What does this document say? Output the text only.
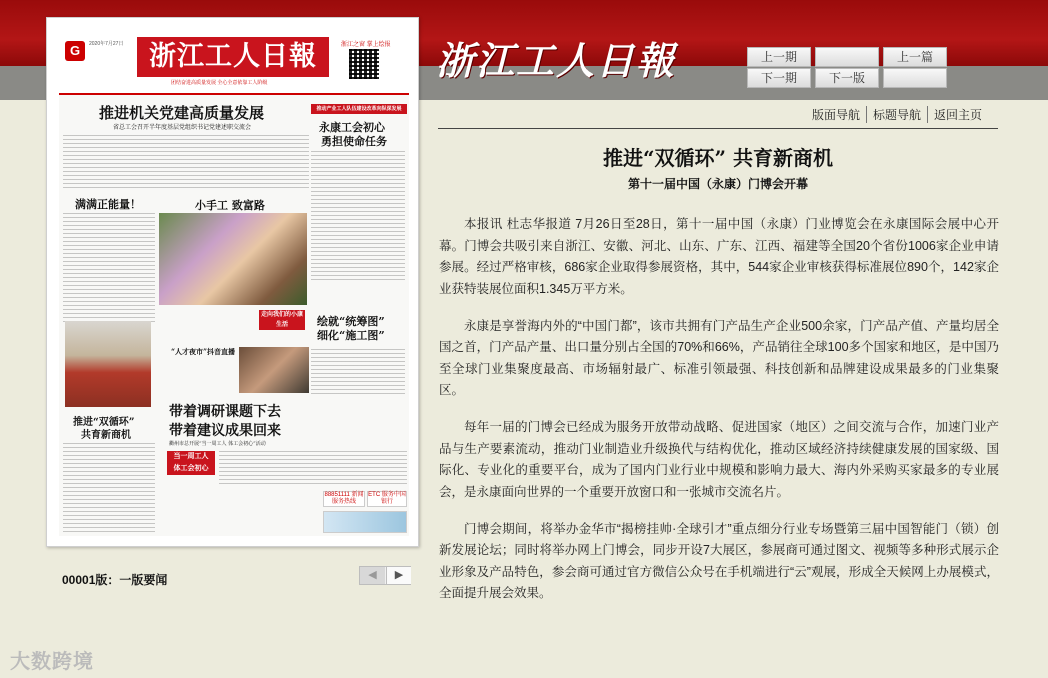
浙江工人日報	上一期	上一篇
下一期	下一版
G	2020年7月27日 浙江工人日報
团结奋进高质量发展 全心全意依靠工人阶级
浙江之窗 掌上绘报
推进机关党建高质量发展
省总工会召开半年度基层党组织书记党建述职交流会
推动产业工人队伍建设改革向纵深发展
永康工会初心
勇担使命任务
满满正能量！	小手工 致富路
走向我们的小康生活	绘就“统筹图”
细化“施工图”
“人才夜市”抖音直播
推进“双循环”
共育新商机
带着调研课题下去
带着建议成果回来
衢州市总开展“当一周工人 体工会初心”活动
当一周工人
体工会初心
88851111 新闻服务热线
ETC 服务中国银行
00001版：一版要闻	◀	▶
大数跨境
版面导航 标题导航 返回主页
推进“双循环” 共育新商机
第十一届中国（永康）门博会开幕

本报讯 杜志华报道 7月26日至28日，第十一届中国（永康）门业博览会在永康国际会展中心开幕。门博会共吸引来自浙江、安徽、河北、山东、广东、江西、福建等全国20个省份1006家企业申请参展。经过严格审核，686家企业取得参展资格，其中，544家企业审核获得标准展位890个，142家企业获特装展位面积1.345万平方米。

永康是享誉海内外的“中国门都”，该市共拥有门产品生产企业500余家，门产品产值、产量均居全国之首，门产品产量、出口量分别占全国的70%和66%，产品销往全球100多个国家和地区，是中国乃至全球门业集聚度最高、市场辐射最广、标准引领最强、科技创新和品牌建设成果最多的门业集聚区。

每年一届的门博会已经成为服务开放带动战略、促进国家（地区）之间交流与合作，加速门业产品与生产要素流动，推动门业制造业升级换代与结构优化，推动区域经济持续健康发展的国家级、国际化、专业化的重要平台，成为了国内门业行业中规模和影响力最大、海内外采购买家最多的专业展会，是永康面向世界的一个重要开放窗口和一张城市交流名片。

门博会期间，将举办金华市“揭榜挂帅·全球引才”重点细分行业专场暨第三届中国智能门（锁）创新发展论坛；同时将举办网上门博会，同步开设7大展区，参展商可通过图文、视频等多种形式展示企业形象及产品特色，参会商可通过官方微信公众号在手机端进行“云”观展，形成全天候网上办展模式，全面提升展会效果。
